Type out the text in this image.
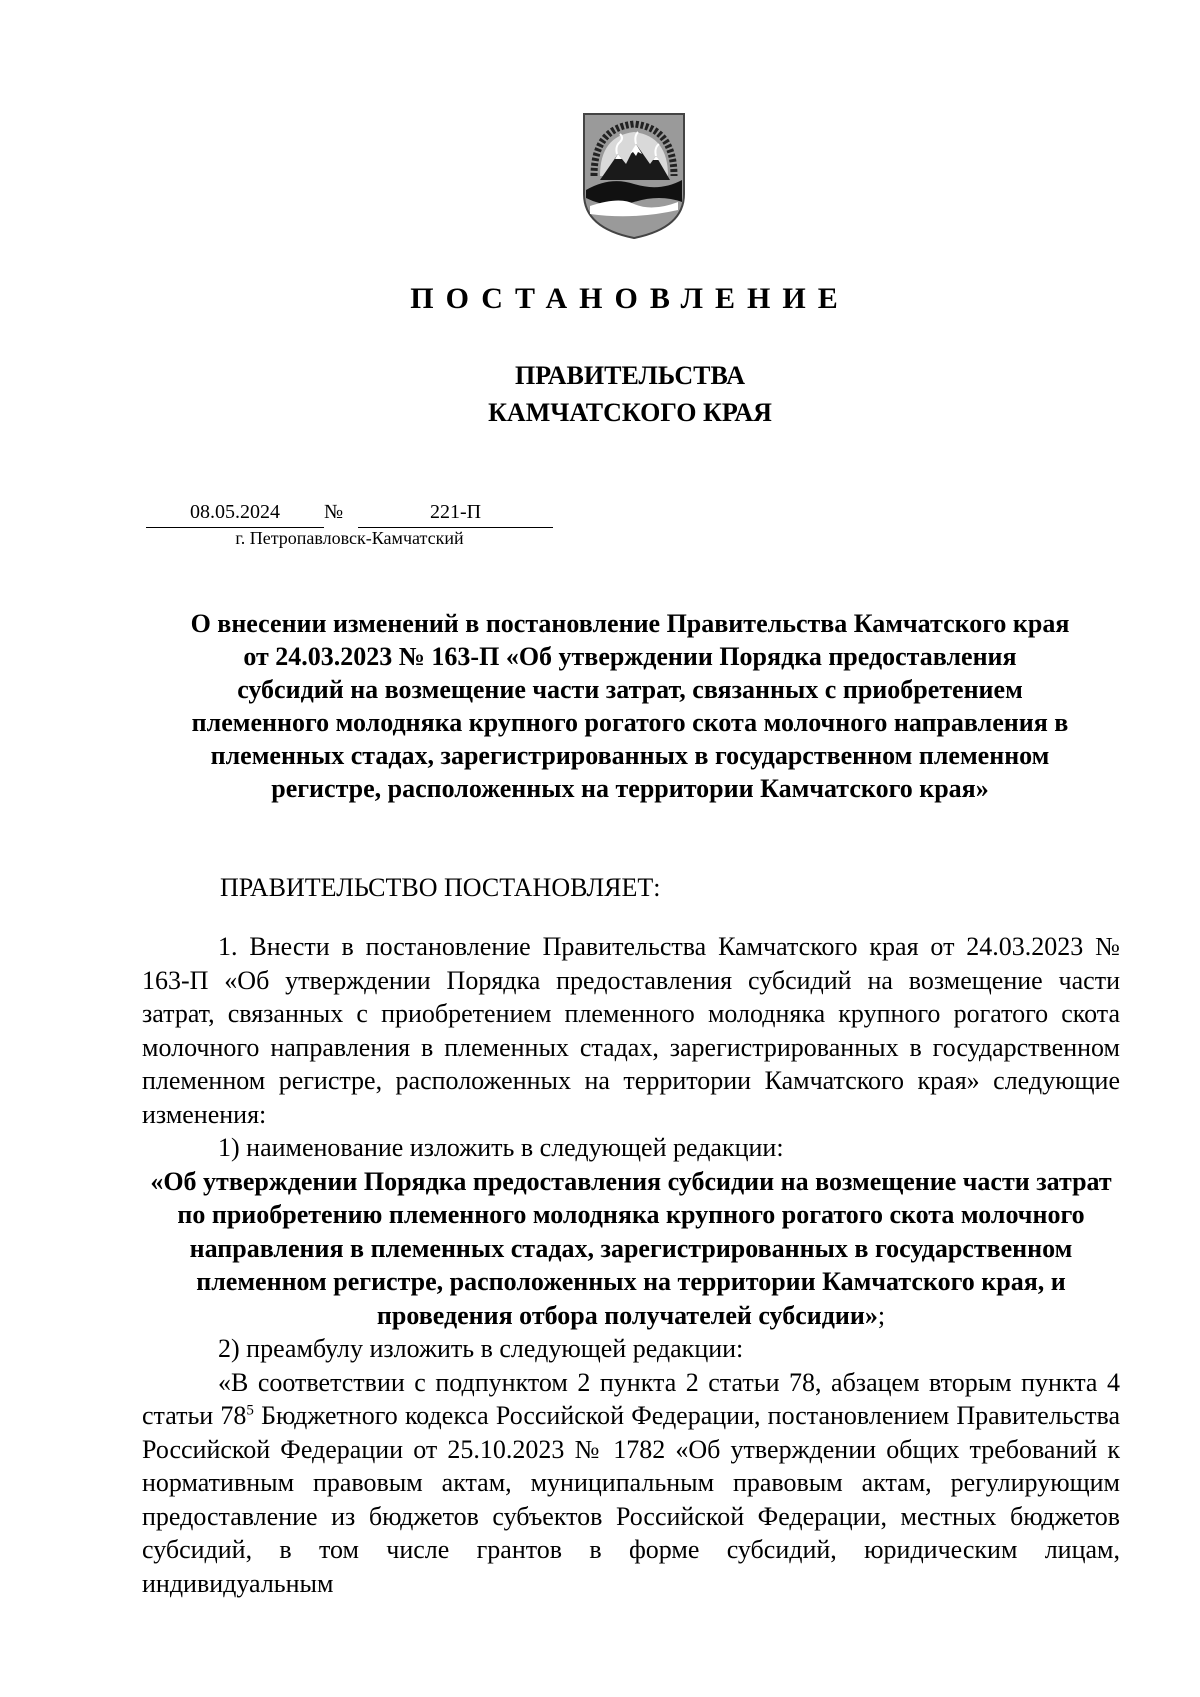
ПОСТАНОВЛЕНИЕ
ПРАВИТЕЛЬСТВА
КАМЧАТСКОГО КРАЯ
08.05.2024	№	221-П
г. Петропавловск-Камчатский
О внесении изменений в постановление Правительства Камчатского края
от 24.03.2023 № 163-П «Об утверждении Порядка предоставления
субсидий на возмещение части затрат, связанных с приобретением
племенного молодняка крупного рогатого скота молочного направления в
племенных стадах, зарегистрированных в государственном племенном
регистре, расположенных на территории Камчатского края»
ПРАВИТЕЛЬСТВО ПОСТАНОВЛЯЕТ:

1. Внести в постановление Правительства Камчатского края от 24.03.2023 № 163-П «Об утверждении Порядка предоставления субсидий на возмещение части затрат, связанных с приобретением племенного молодняка крупного рогатого скота молочного направления в племенных стадах, зарегистрированных в государственном племенном регистре, расположенных на территории Камчатского края» следующие изменения:

1) наименование изложить в следующей редакции:

«Об утверждении Порядка предоставления субсидии на возмещение части затрат по приобретению племенного молодняка крупного рогатого скота молочного направления в племенных стадах, зарегистрированных в государственном племенном регистре, расположенных на территории Камчатского края, и проведения отбора получателей субсидии»;

2) преамбулу изложить в следующей редакции:

«В соответствии с подпунктом 2 пункта 2 статьи 78, абзацем вторым пункта 4 статьи $78^5$ Бюджетного кодекса Российской Федерации, постановлением Правительства Российской Федерации от 25.10.2023 № 1782 «Об утверждении общих требований к нормативным правовым актам, муниципальным правовым актам, регулирующим предоставление из бюджетов субъектов Российской Федерации, местных бюджетов субсидий, в том числе грантов в форме субсидий, юридическим лицам, индивидуальным
